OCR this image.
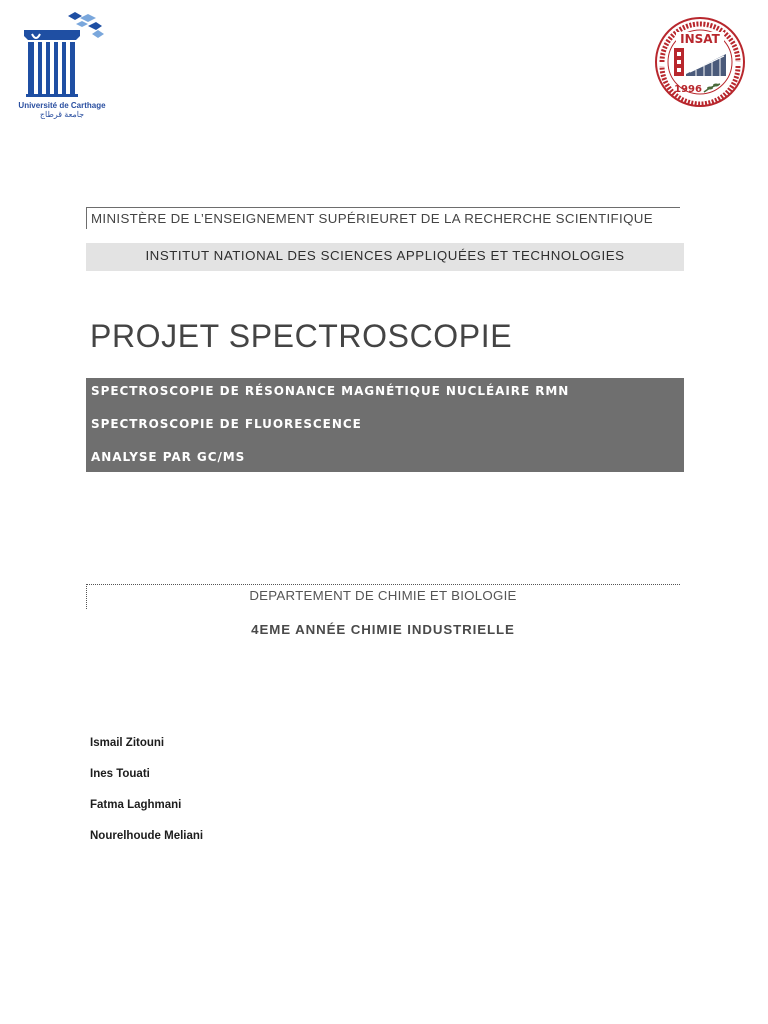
Université de Carthage
جامعة قرطاج
INSAT
1996
MINISTÈRE DE L’ENSEIGNEMENT SUPÉRIEURET DE LA RECHERCHE SCIENTIFIQUE
INSTITUT NATIONAL DES SCIENCES APPLIQUÉES ET TECHNOLOGIES
PROJET SPECTROSCOPIE
SPECTROSCOPIE DE RÉSONANCE MAGNÉTIQUE NUCLÉAIRE RMN
SPECTROSCOPIE DE FLUORESCENCE
ANALYSE PAR GC/MS
DEPARTEMENT DE CHIMIE ET BIOLOGIE
4EME ANNÉE CHIMIE INDUSTRIELLE
Ismail Zitouni
Ines Touati
Fatma Laghmani
Nourelhoude Meliani
